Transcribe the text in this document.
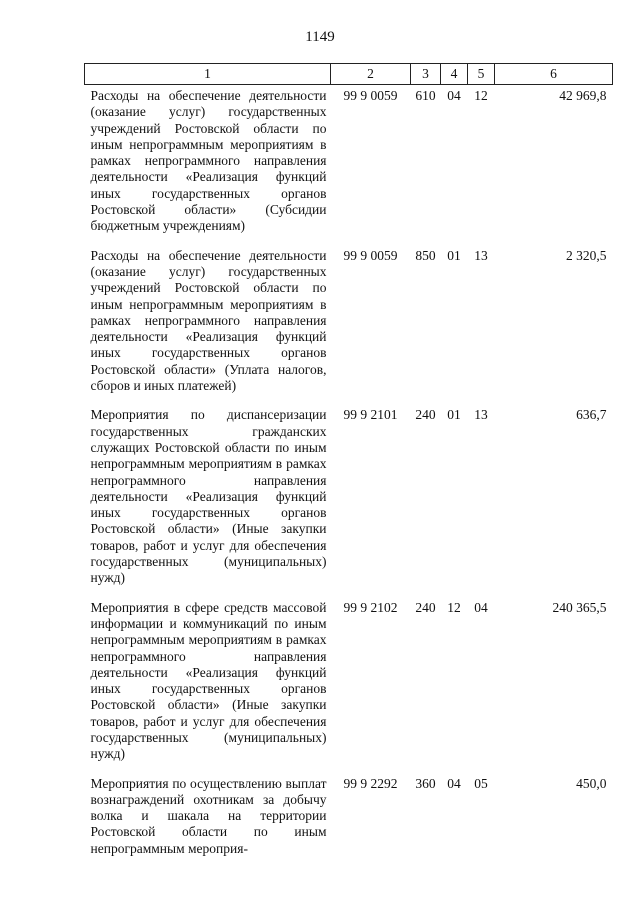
1149
1	2	3	4	5	6
Расходы на обеспечение деятельности (оказание услуг) государственных учреждений Ростовской области по иным непрограммным мероприятиям в рамках непрограммного направления деятельности «Реализация функций иных государственных органов Ростовской области» (Субсидии бюджетным учреждениям)	99 9 0059	610	04	12	42 969,8
Расходы на обеспечение деятельности (оказание услуг) государственных учреждений Ростовской области по иным непрограммным мероприятиям в рамках непрограммного направления деятельности «Реализация функций иных государственных органов Ростовской области» (Уплата налогов, сборов и иных платежей)	99 9 0059	850	01	13	2 320,5
Мероприятия по диспансеризации государственных гражданских служащих Ростовской области по иным непрограммным мероприятиям в рамках непрограммного направления деятельности «Реализация функций иных государственных органов Ростовской области» (Иные закупки товаров, работ и услуг для обеспечения государственных (муниципальных) нужд)	99 9 2101	240	01	13	636,7
Мероприятия в сфере средств массовой информации и коммуникаций по иным непрограммным мероприятиям в рамках непрограммного направления деятельности «Реализация функций иных государственных органов Ростовской области» (Иные закупки товаров, работ и услуг для обеспечения государственных (муниципальных) нужд)	99 9 2102	240	12	04	240 365,5
Мероприятия по осуществлению выплат вознаграждений охотникам за добычу волка и шакала на территории Ростовской области по иным непрограммным мероприя-	99 9 2292	360	04	05	450,0
